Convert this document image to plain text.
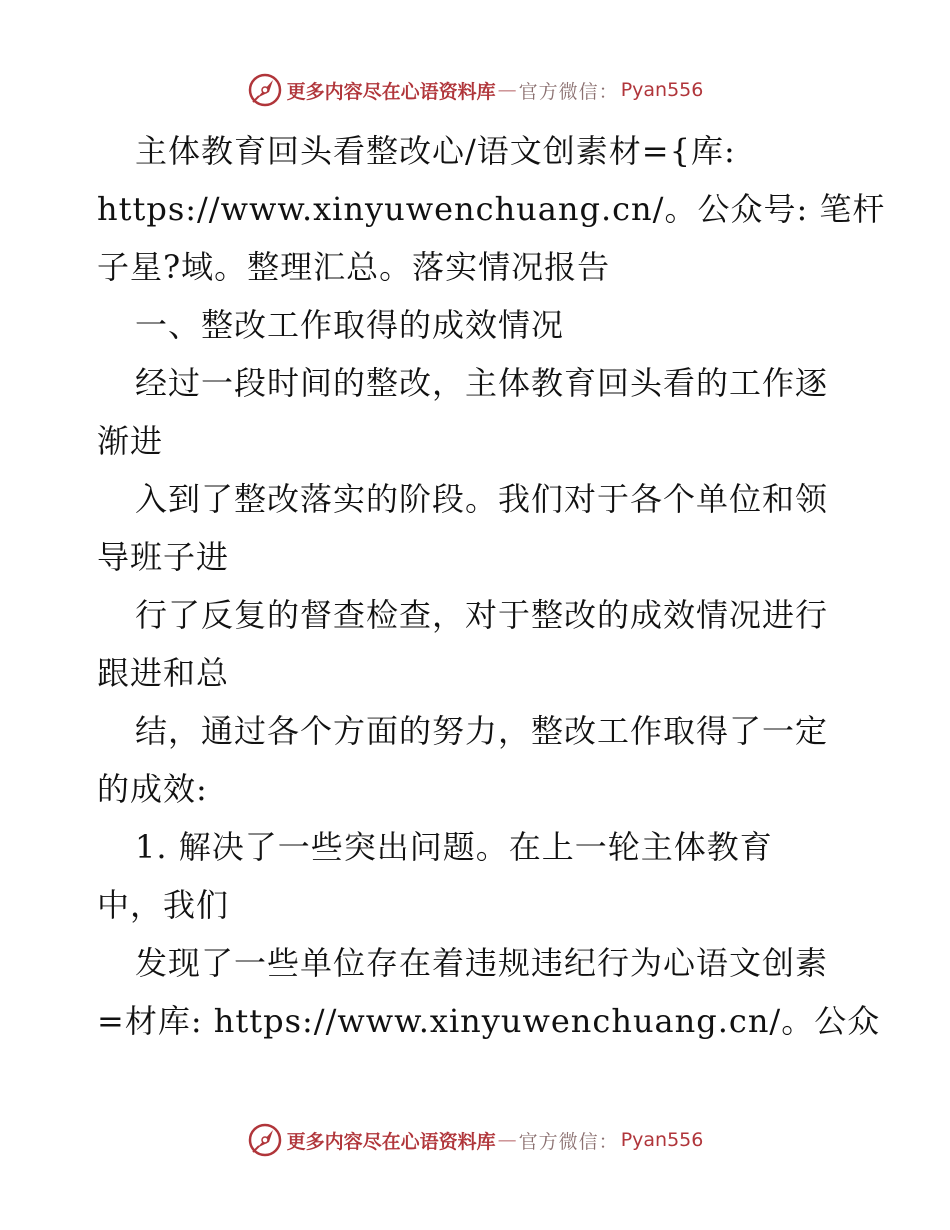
更多内容尽在心语资料库 — 官方微信： Pyan556
主体教育回头看整改心/语文创素材={库:
https://www.xinyuwenchuang.cn/。公众号: 笔杆
子星?域。整理汇总。落实情况报告
一、整改工作取得的成效情况
经过一段时间的整改，主体教育回头看的工作逐
渐进
入到了整改落实的阶段。我们对于各个单位和领
导班子进
行了反复的督查检查，对于整改的成效情况进行
跟进和总
结，通过各个方面的努力，整改工作取得了一定
的成效:
1. 解决了一些突出问题。在上一轮主体教育
中，我们
发现了一些单位存在着违规违纪行为心语文创素
=材库: https://www.xinyuwenchuang.cn/。公众
更多内容尽在心语资料库 — 官方微信： Pyan556
